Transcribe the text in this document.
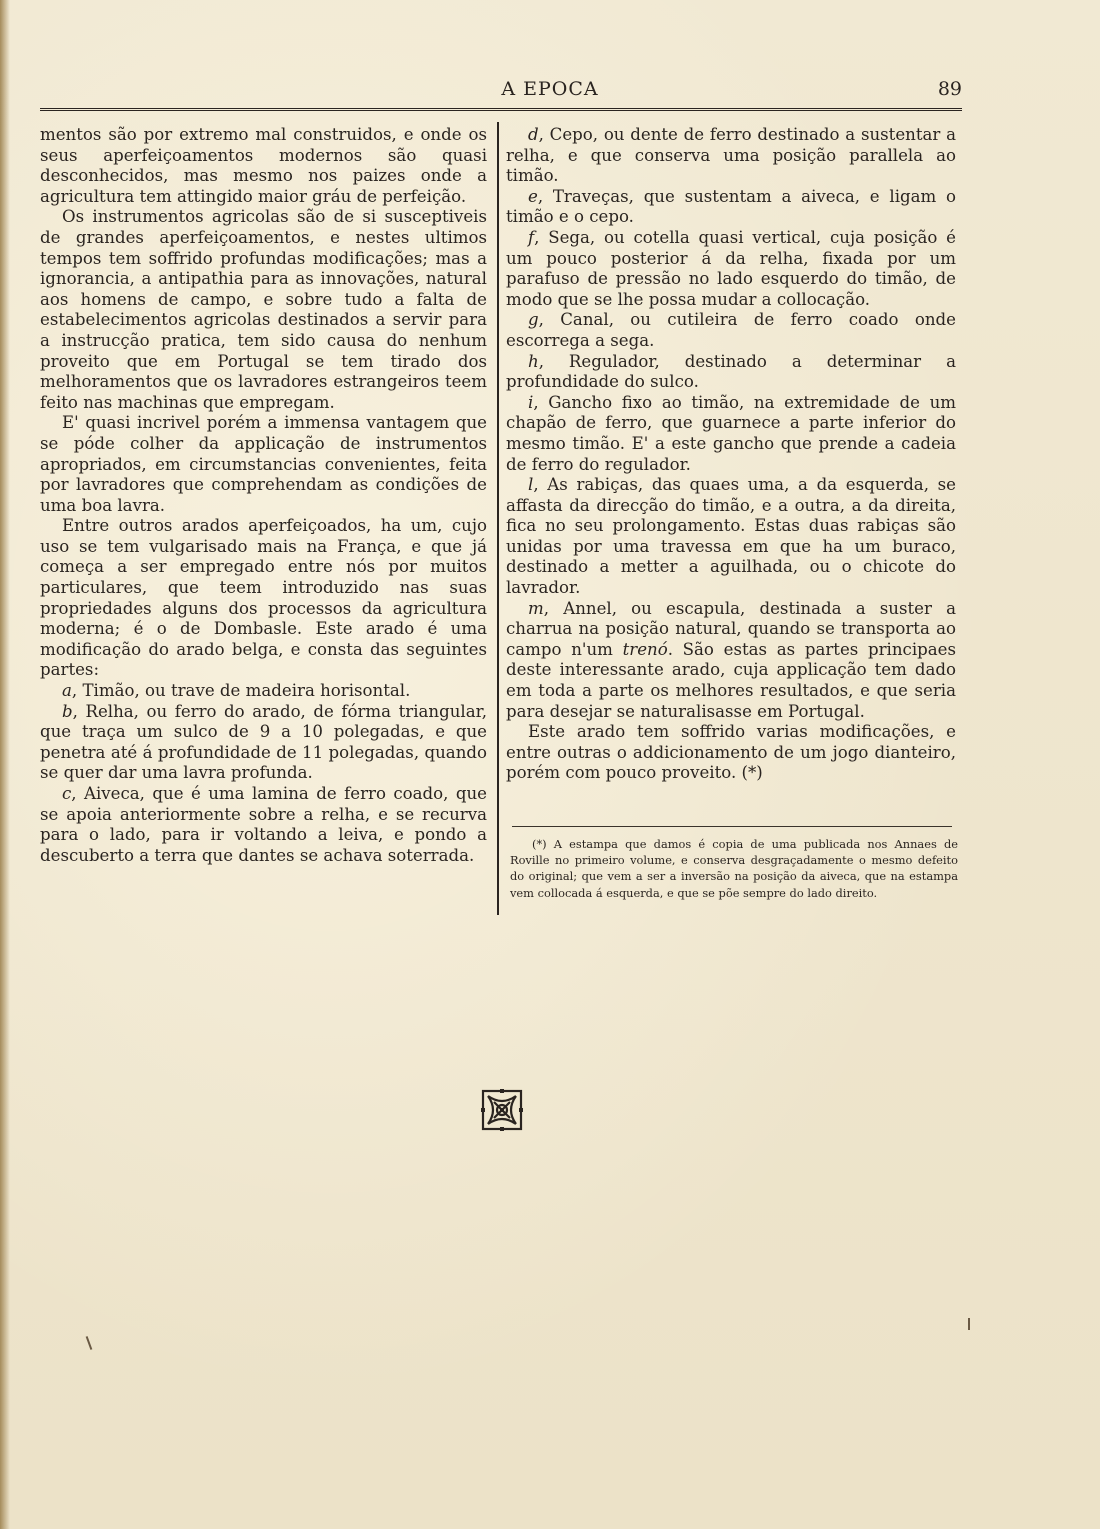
A EPOCA	89

mentos são por extremo mal construidos, e onde os seus aperfeiçoamentos modernos são quasi desconhecidos, mas mesmo nos paizes onde a agricultura tem attingido maior gráu de perfeição.

Os instrumentos agricolas são de si susceptiveis de grandes aperfeiçoamentos, e nestes ultimos tempos tem soffrido profundas modificações; mas a ignorancia, a antipathia para as innovações, natural aos homens de campo, e sobre tudo a falta de estabelecimentos agricolas destinados a servir para a instrucção pratica, tem sido causa do nenhum proveito que em Portugal se tem tirado dos melhoramentos que os lavradores estrangeiros teem feito nas machinas que empregam.

E' quasi incrivel porém a immensa vantagem que se póde colher da applicação de instrumentos apropriados, em circumstancias convenientes, feita por lavradores que comprehendam as condições de uma boa lavra.

Entre outros arados aperfeiçoados, ha um, cujo uso se tem vulgarisado mais na França, e que já começa a ser empregado entre nós por muitos particulares, que teem introduzido nas suas propriedades alguns dos processos da agricultura moderna; é o de Dombasle. Este arado é uma modificação do arado belga, e consta das seguintes partes:

a, Timão, ou trave de madeira horisontal.

b, Relha, ou ferro do arado, de fórma triangular, que traça um sulco de 9 a 10 polegadas, e que penetra até á profundidade de 11 polegadas, quando se quer dar uma lavra profunda.

c, Aiveca, que é uma lamina de ferro coado, que se apoia anteriormente sobre a relha, e se recurva para o lado, para ir voltando a leiva, e pondo a descuberto a terra que dantes se achava soterrada.

d, Cepo, ou dente de ferro destinado a sustentar a relha, e que conserva uma posição parallela ao timão.

e, Traveças, que sustentam a aiveca, e ligam o timão e o cepo.

f, Sega, ou cotella quasi vertical, cuja posição é um pouco posterior á da relha, fixada por um parafuso de pressão no lado esquerdo do timão, de modo que se lhe possa mudar a collocação.

g, Canal, ou cutileira de ferro coado onde escorrega a sega.

h, Regulador, destinado a determinar a profundidade do sulco.

i, Gancho fixo ao timão, na extremidade de um chapão de ferro, que guarnece a parte inferior do mesmo timão. E' a este gancho que prende a cadeia de ferro do regulador.

l, As rabiças, das quaes uma, a da esquerda, se affasta da direcção do timão, e a outra, a da direita, fica no seu prolongamento. Estas duas rabiças são unidas por uma travessa em que ha um buraco, destinado a metter a aguilhada, ou o chicote do lavrador.

m, Annel, ou escapula, destinada a suster a charrua na posição natural, quando se transporta ao campo n'um trenó. São estas as partes principaes deste interessante arado, cuja applicação tem dado em toda a parte os melhores resultados, e que seria para desejar se naturalisasse em Portugal.

Este arado tem soffrido varias modificações, e entre outras o addicionamento de um jogo dianteiro, porém com pouco proveito. (*)

(*) A estampa que damos é copia de uma publicada nos Annaes de Roville no primeiro volume, e conserva desgraçadamente o mesmo defeito do original; que vem a ser a inversão na posição da aiveca, que na estampa vem collocada á esquerda, e que se põe sempre do lado direito.
